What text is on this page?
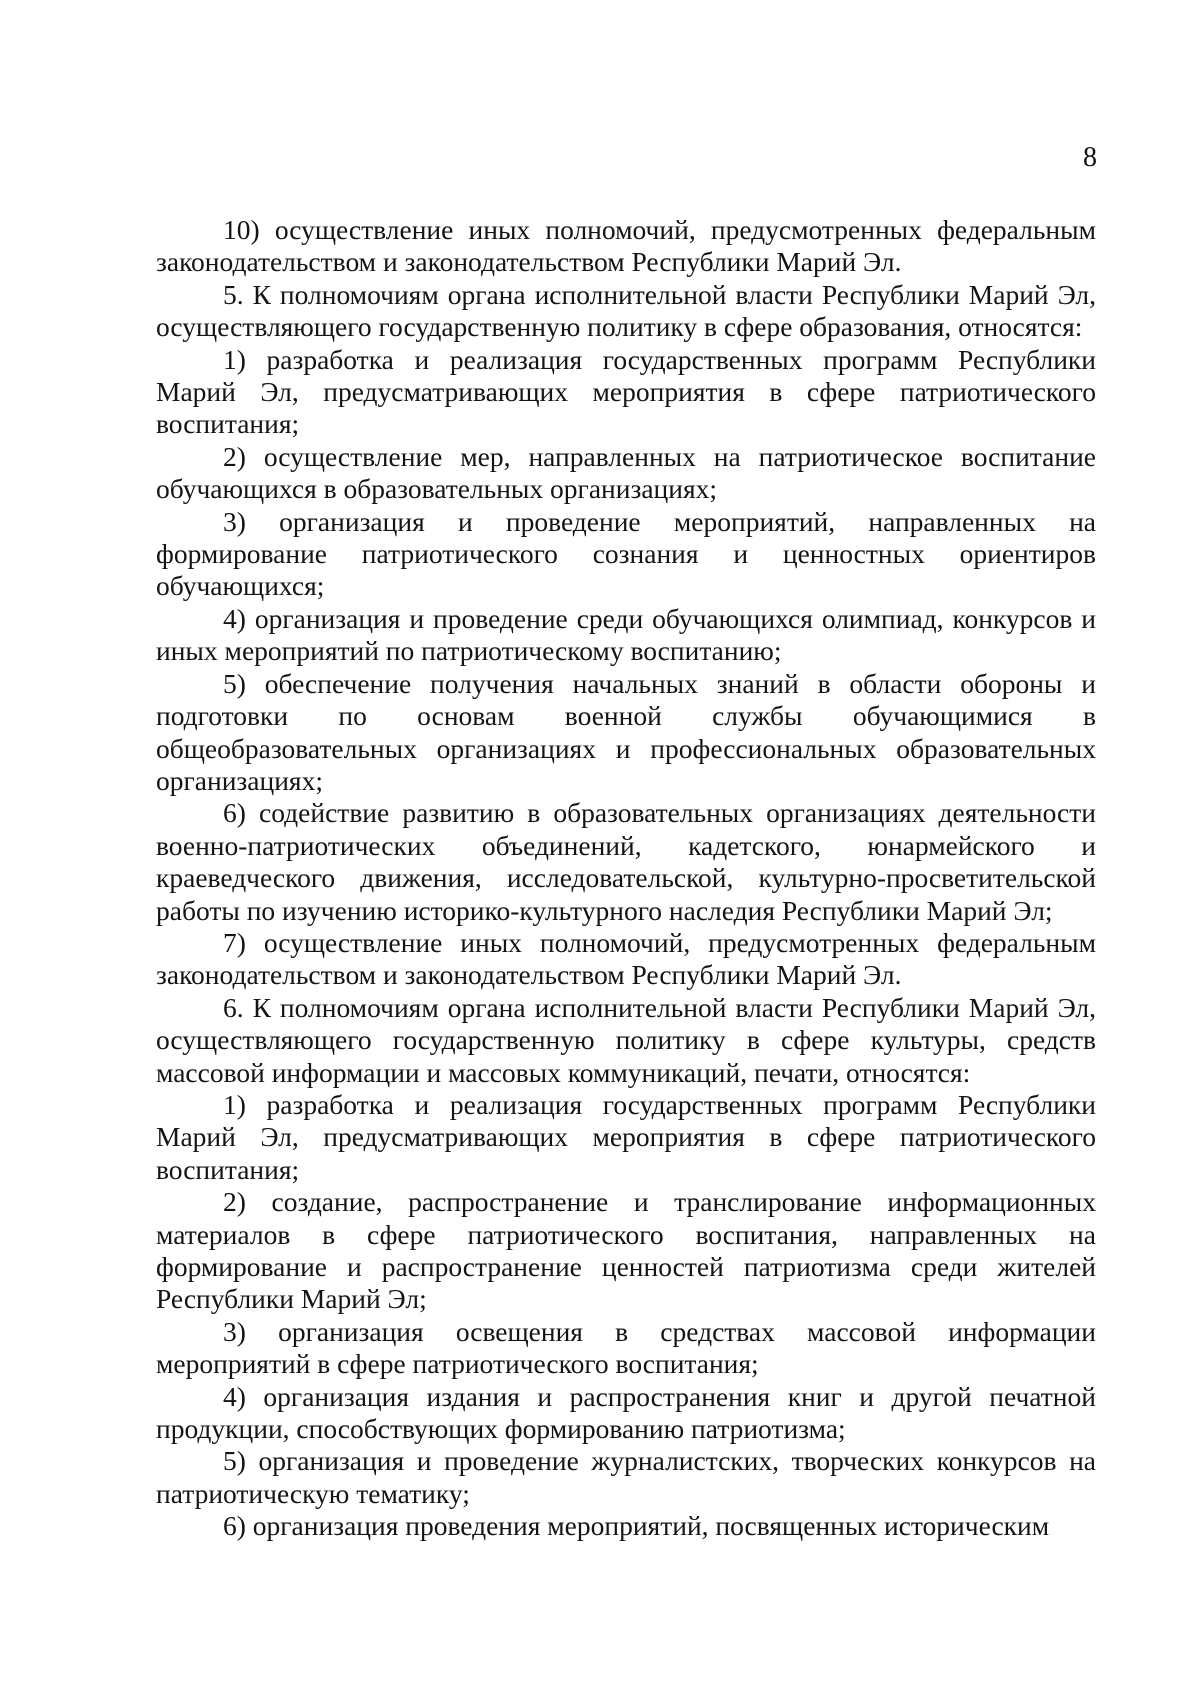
8

10) осуществление иных полномочий, предусмотренных федеральным законодательством и законодательством Республики Марий Эл.

5. К полномочиям органа исполнительной власти Республики Марий Эл, осуществляющего государственную политику в сфере образования, относятся:

1) разработка и реализация государственных программ Республики Марий Эл, предусматривающих мероприятия в сфере патриотического воспитания;

2) осуществление мер, направленных на патриотическое воспитание обучающихся в образовательных организациях;

3) организация и проведение мероприятий, направленных на формирование патриотического сознания и ценностных ориентиров обучающихся;

4) организация и проведение среди обучающихся олимпиад, конкурсов и иных мероприятий по патриотическому воспитанию;

5) обеспечение получения начальных знаний в области обороны и подготовки по основам военной службы обучающимися в общеобразовательных организациях и профессиональных образовательных организациях;

6) содействие развитию в образовательных организациях деятельности военно-патриотических объединений, кадетского, юнармейского и краеведческого движения, исследовательской, культурно-просветительской работы по изучению историко-культурного наследия Республики Марий Эл;

7) осуществление иных полномочий, предусмотренных федеральным законодательством и законодательством Республики Марий Эл.

6. К полномочиям органа исполнительной власти Республики Марий Эл, осуществляющего государственную политику в сфере культуры, средств массовой информации и массовых коммуникаций, печати, относятся:

1) разработка и реализация государственных программ Республики Марий Эл, предусматривающих мероприятия в сфере патриотического воспитания;

2) создание, распространение и транслирование информационных материалов в сфере патриотического воспитания, направленных на формирование и распространение ценностей патриотизма среди жителей Республики Марий Эл;

3) организация освещения в средствах массовой информации мероприятий в сфере патриотического воспитания;

4) организация издания и распространения книг и другой печатной продукции, способствующих формированию патриотизма;

5) организация и проведение журналистских, творческих конкурсов на патриотическую тематику;

6) организация проведения мероприятий, посвященных историческим
